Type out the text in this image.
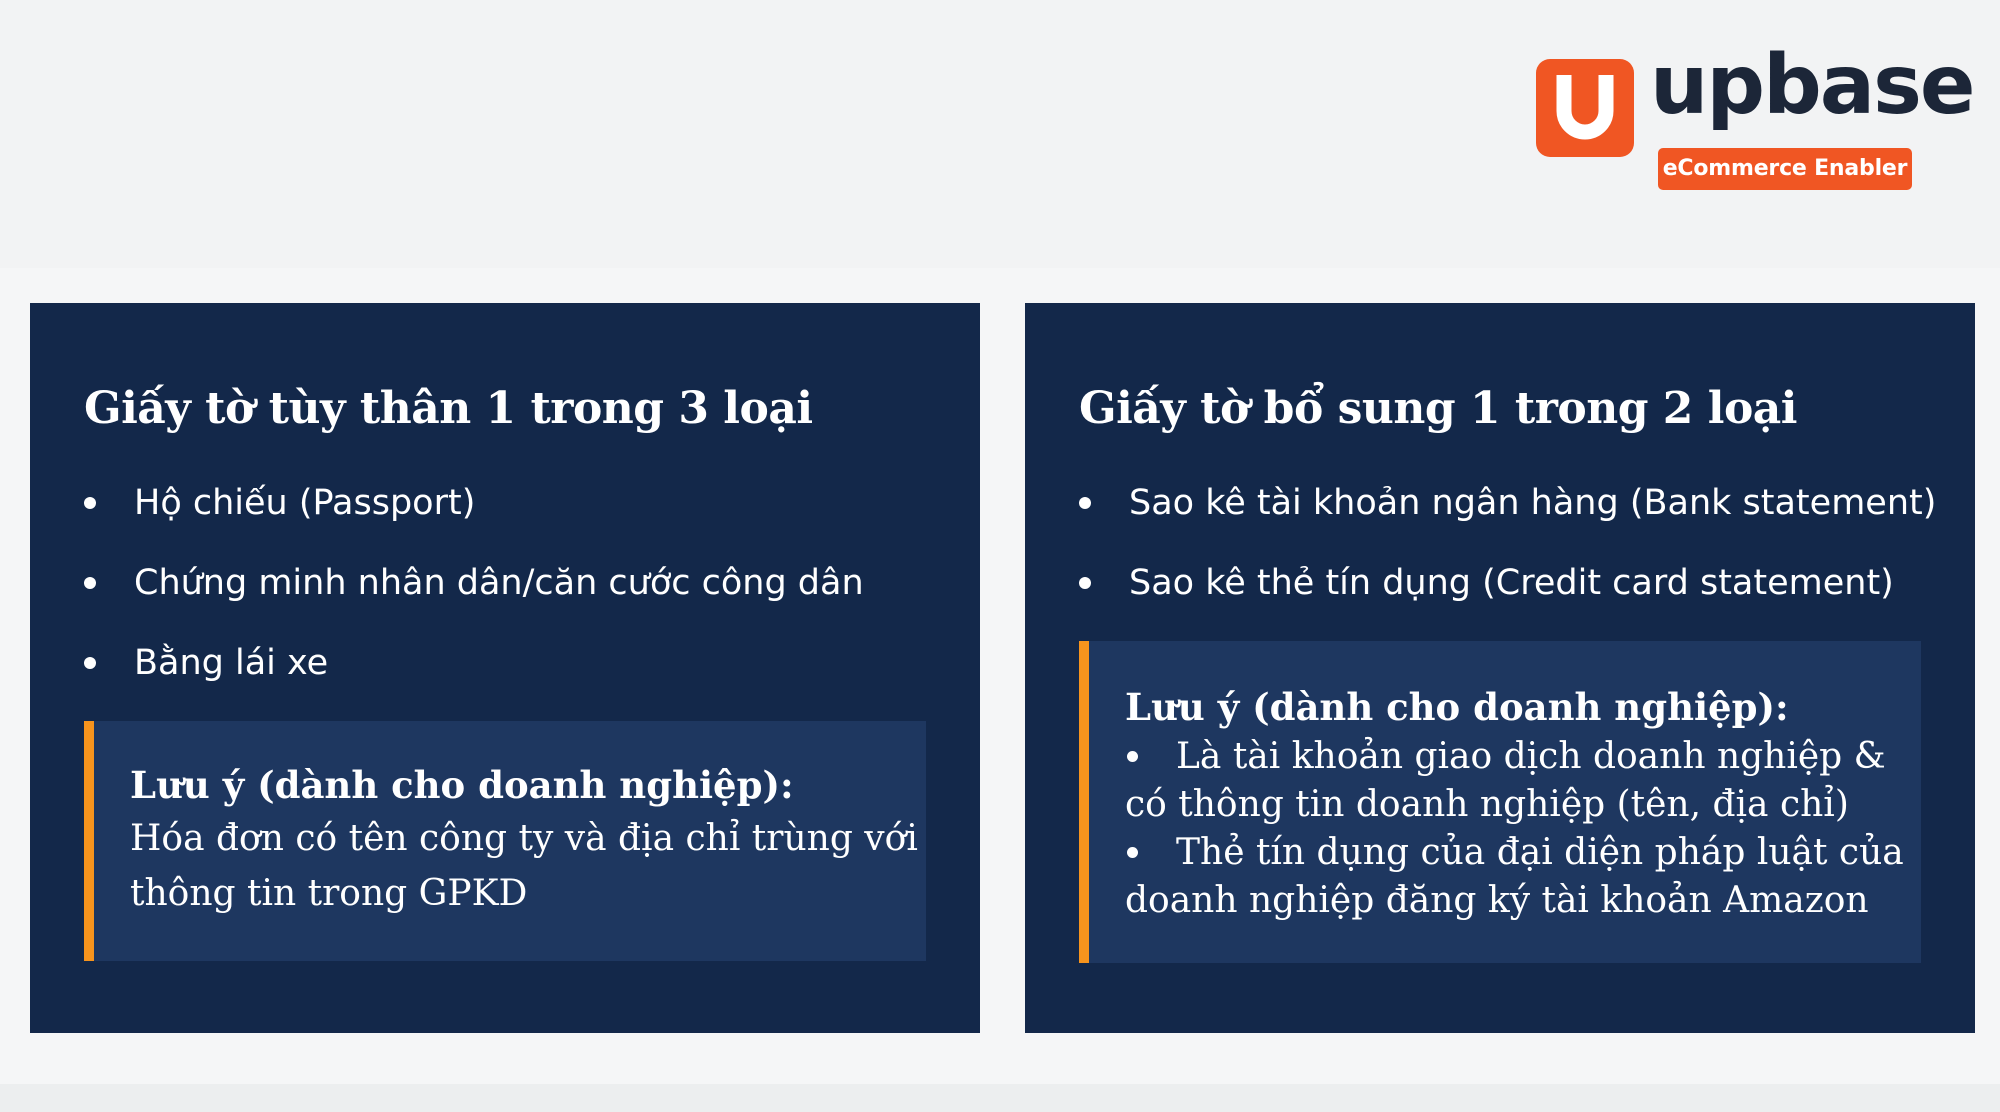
upbase
eCommerce Enabler
Giấy tờ tùy thân 1 trong 3 loại
Hộ chiếu (Passport)
Chứng minh nhân dân/căn cước công dân
Bằng lái xe
Lưu ý (dành cho doanh nghiệp):
Hóa đơn có tên công ty và địa chỉ trùng với
thông tin trong GPKD
Giấy tờ bổ sung 1 trong 2 loại
Sao kê tài khoản ngân hàng (Bank statement)
Sao kê thẻ tín dụng (Credit card statement)
Lưu ý (dành cho doanh nghiệp):
Là tài khoản giao dịch doanh nghiệp &
có thông tin doanh nghiệp (tên, địa chỉ)
Thẻ tín dụng của đại diện pháp luật của
doanh nghiệp đăng ký tài khoản Amazon
